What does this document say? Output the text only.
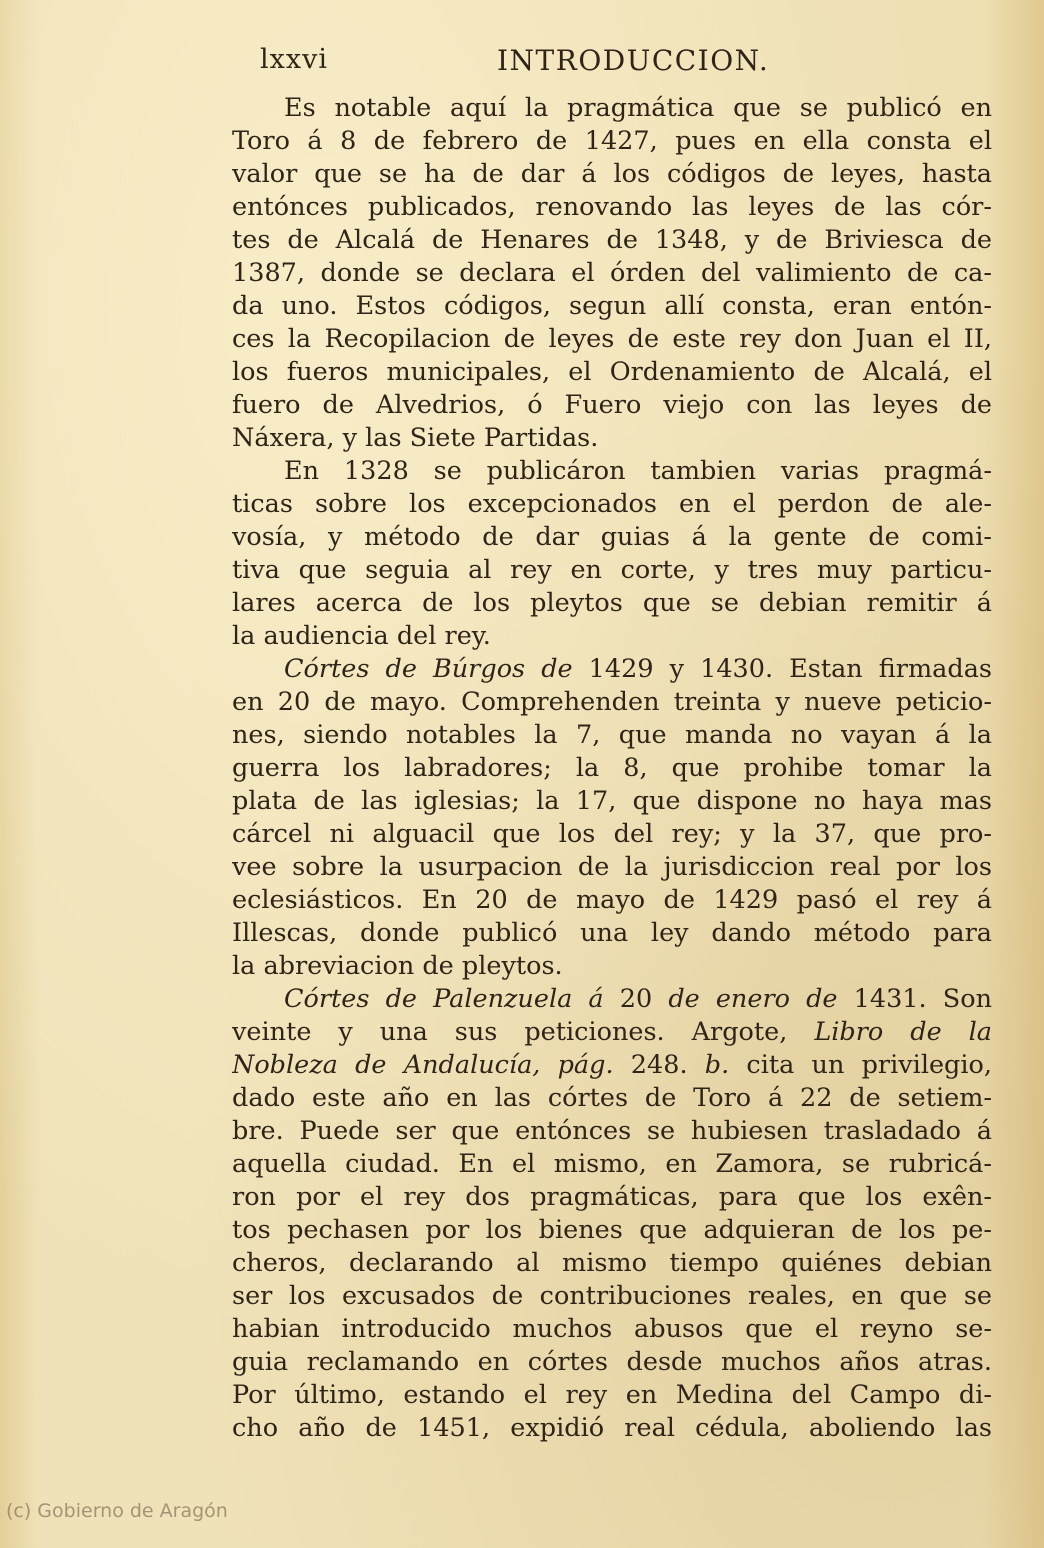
lxxvi	INTRODUCCION.
Es notable aquí la pragmática que se publicó en
Toro á 8 de febrero de 1427, pues en ella consta el
valor que se ha de dar á los códigos de leyes, hasta
entónces publicados, renovando las leyes de las cór-
tes de Alcalá de Henares de 1348, y de Briviesca de
1387, donde se declara el órden del valimiento de ca-
da uno. Estos códigos, segun allí consta, eran entón-
ces la Recopilacion de leyes de este rey don Juan el II,
los fueros municipales, el Ordenamiento de Alcalá, el
fuero de Alvedrios, ó Fuero viejo con las leyes de
Náxera, y las Siete Partidas.
En 1328 se publicáron tambien varias pragmá-
ticas sobre los excepcionados en el perdon de ale-
vosía, y método de dar guias á la gente de comi-
tiva que seguia al rey en corte, y tres muy particu-
lares acerca de los pleytos que se debian remitir á
la audiencia del rey.
Córtes de Búrgos de 1429 y 1430. Estan firmadas
en 20 de mayo. Comprehenden treinta y nueve peticio-
nes, siendo notables la 7, que manda no vayan á la
guerra los labradores; la 8, que prohibe tomar la
plata de las iglesias; la 17, que dispone no haya mas
cárcel ni alguacil que los del rey; y la 37, que pro-
vee sobre la usurpacion de la jurisdiccion real por los
eclesiásticos. En 20 de mayo de 1429 pasó el rey á
Illescas, donde publicó una ley dando método para
la abreviacion de pleytos.
Córtes de Palenzuela á 20 de enero de 1431. Son
veinte y una sus peticiones. Argote, Libro de la
Nobleza de Andalucía, pág. 248. b. cita un privilegio,
dado este año en las córtes de Toro á 22 de setiem-
bre. Puede ser que entónces se hubiesen trasladado á
aquella ciudad. En el mismo, en Zamora, se rubricá-
ron por el rey dos pragmáticas, para que los exên-
tos pechasen por los bienes que adquieran de los pe-
cheros, declarando al mismo tiempo quiénes debian
ser los excusados de contribuciones reales, en que se
habian introducido muchos abusos que el reyno se-
guia reclamando en córtes desde muchos años atras.
Por último, estando el rey en Medina del Campo di-
cho año de 1451, expidió real cédula, aboliendo las
(c) Gobierno de Aragón
